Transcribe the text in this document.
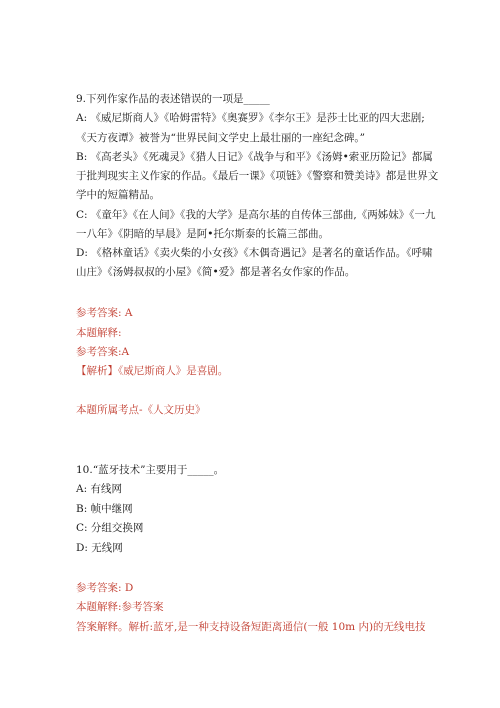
9.下列作家作品的表述错误的一项是_____
A: 《威尼斯商人》《哈姆雷特》《奥赛罗》《李尔王》是莎士比亚的四大悲剧;
《天方夜谭》被誉为“世界民间文学史上最壮丽的一座纪念碑。”
B: 《高老头》《死魂灵》《猎人日记》《战争与和平》《汤姆•索亚历险记》都属
于批判现实主义作家的作品。《最后一课》《项链》《警察和赞美诗》都是世界文
学中的短篇精品。
C: 《童年》《在人间》《我的大学》是高尔基的自传体三部曲,《两姊妹》《一九
一八年》《阴暗的早晨》是阿•托尔斯泰的长篇三部曲。
D: 《格林童话》《卖火柴的小女孩》《木偶奇遇记》是著名的童话作品。《呼啸
山庄》《汤姆叔叔的小屋》《简•爱》都是著名女作家的作品。
参考答案: A
本题解释:
参考答案:A
【解析】《威尼斯商人》是喜剧。
本题所属考点-《人文历史》
10.“蓝牙技术”主要用于_____。
A: 有线网
B: 帧中继网
C: 分组交换网
D: 无线网
参考答案: D
本题解释:参考答案
答案解释。解析:蓝牙,是一种支持设备短距离通信(一般 10m 内)的无线电技
